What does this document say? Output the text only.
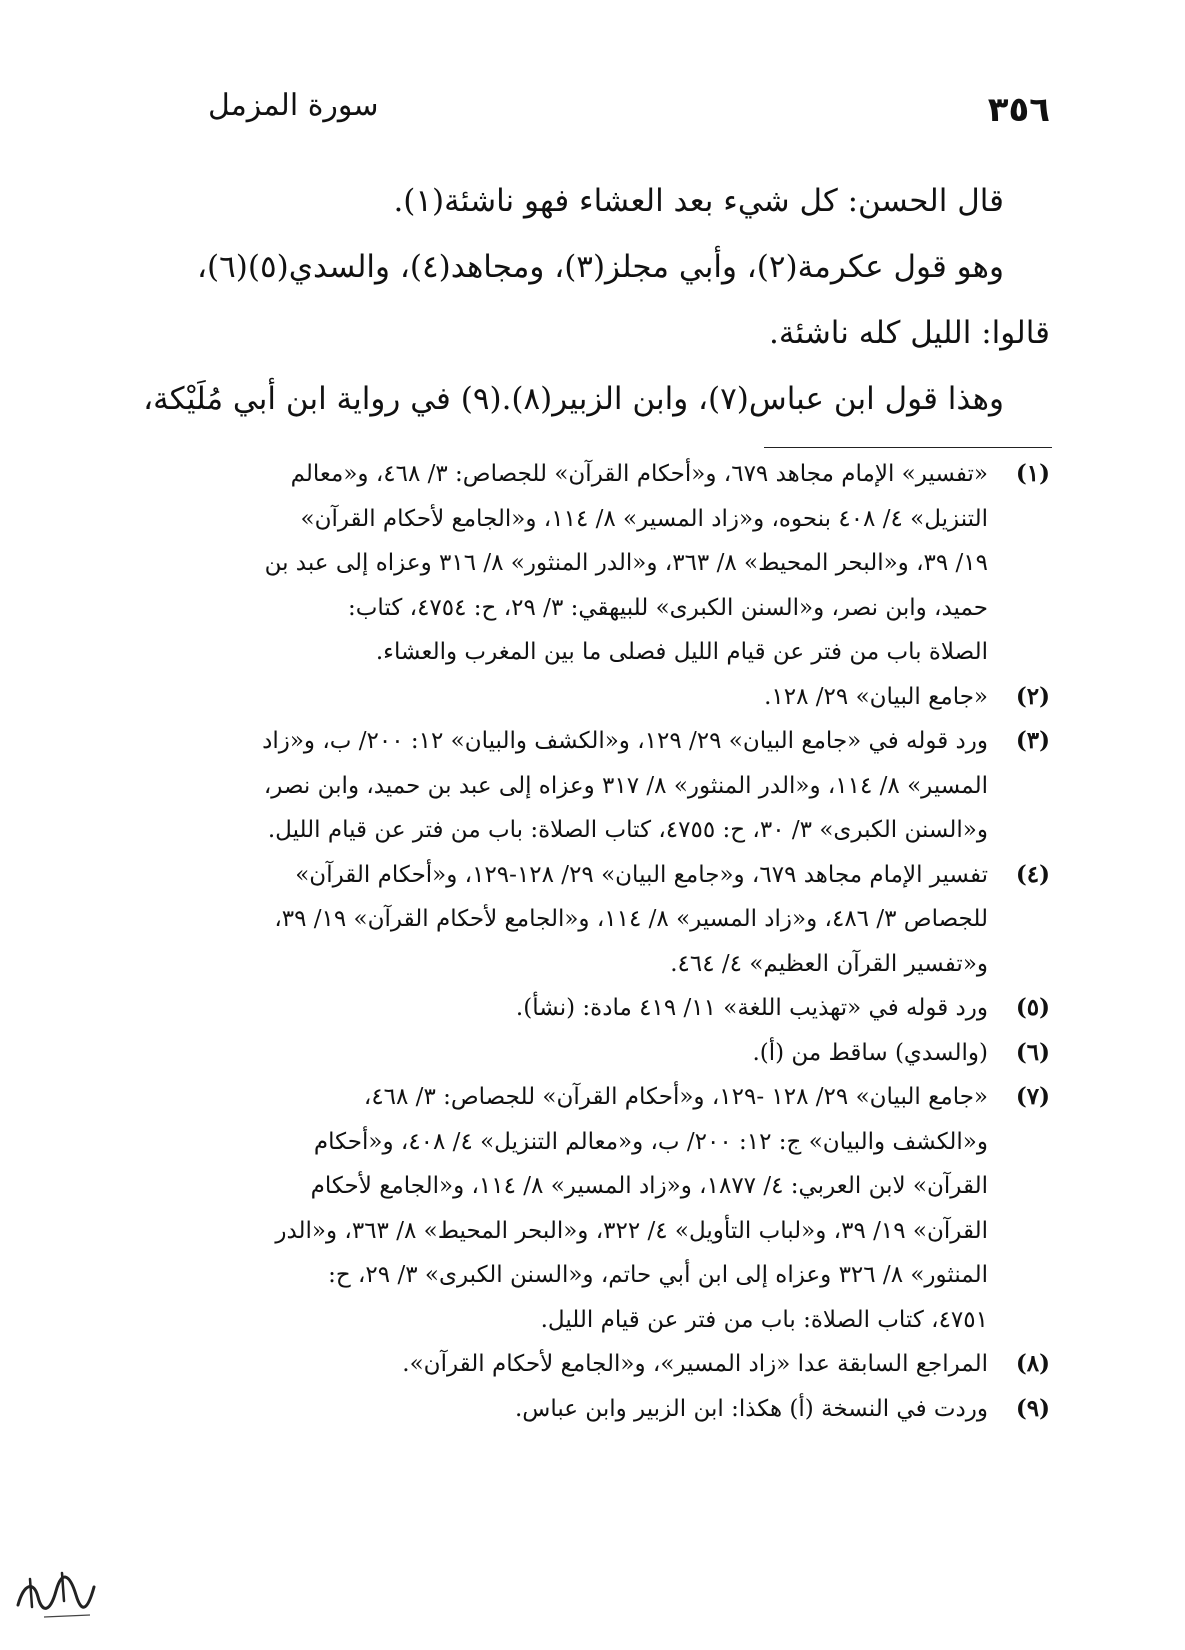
٣٥٦
سورة المزمل

قال الحسن: كل شيء بعد العشاء فهو ناشئة(١).

وهو قول عكرمة(٢)، وأبي مجلز(٣)، ومجاهد(٤)، والسدي(٥)(٦)،

قالوا: الليل كله ناشئة.

وهذا قول ابن عباس(٧)، وابن الزبير(٨).(٩) في رواية ابن أبي مُلَيْكة،

(١)
«تفسير» الإمام مجاهد ٦٧٩، و«أحكام القرآن» للجصاص: ٣/ ٤٦٨، و«معالم
التنزيل» ٤/ ٤٠٨ بنحوه، و«زاد المسير» ٨/ ١١٤، و«الجامع لأحكام القرآن»
١٩/ ٣٩، و«البحر المحيط» ٨/ ٣٦٣، و«الدر المنثور» ٨/ ٣١٦ وعزاه إلى عبد بن
حميد، وابن نصر، و«السنن الكبرى» للبيهقي: ٣/ ٢٩، ح: ٤٧٥٤، كتاب:
الصلاة باب من فتر عن قيام الليل فصلى ما بين المغرب والعشاء.
(٢)
«جامع البيان» ٢٩/ ١٢٨.
(٣)
ورد قوله في «جامع البيان» ٢٩/ ١٢٩، و«الكشف والبيان» ١٢: ٢٠٠/ ب، و«زاد
المسير» ٨/ ١١٤، و«الدر المنثور» ٨/ ٣١٧ وعزاه إلى عبد بن حميد، وابن نصر،
و«السنن الكبرى» ٣/ ٣٠، ح: ٤٧٥٥، كتاب الصلاة: باب من فتر عن قيام الليل.
(٤)
تفسير الإمام مجاهد ٦٧٩، و«جامع البيان» ٢٩/ ١٢٨-١٢٩، و«أحكام القرآن»
للجصاص ٣/ ٤٨٦، و«زاد المسير» ٨/ ١١٤، و«الجامع لأحكام القرآن» ١٩/ ٣٩،
و«تفسير القرآن العظيم» ٤/ ٤٦٤.
(٥)
ورد قوله في «تهذيب اللغة» ١١/ ٤١٩ مادة: (نشأ).
(٦)
(والسدي) ساقط من (أ).
(٧)
«جامع البيان» ٢٩/ ١٢٨ -١٢٩، و«أحكام القرآن» للجصاص: ٣/ ٤٦٨،
و«الكشف والبيان» ج: ١٢: ٢٠٠/ ب، و«معالم التنزيل» ٤/ ٤٠٨، و«أحكام
القرآن» لابن العربي: ٤/ ١٨٧٧، و«زاد المسير» ٨/ ١١٤، و«الجامع لأحكام
القرآن» ١٩/ ٣٩، و«لباب التأويل» ٤/ ٣٢٢، و«البحر المحيط» ٨/ ٣٦٣، و«الدر
المنثور» ٨/ ٣٢٦ وعزاه إلى ابن أبي حاتم، و«السنن الكبرى» ٣/ ٢٩، ح:
٤٧٥١، كتاب الصلاة: باب من فتر عن قيام الليل.
(٨)
المراجع السابقة عدا «زاد المسير»، و«الجامع لأحكام القرآن».
(٩)
وردت في النسخة (أ) هكذا: ابن الزبير وابن عباس.
